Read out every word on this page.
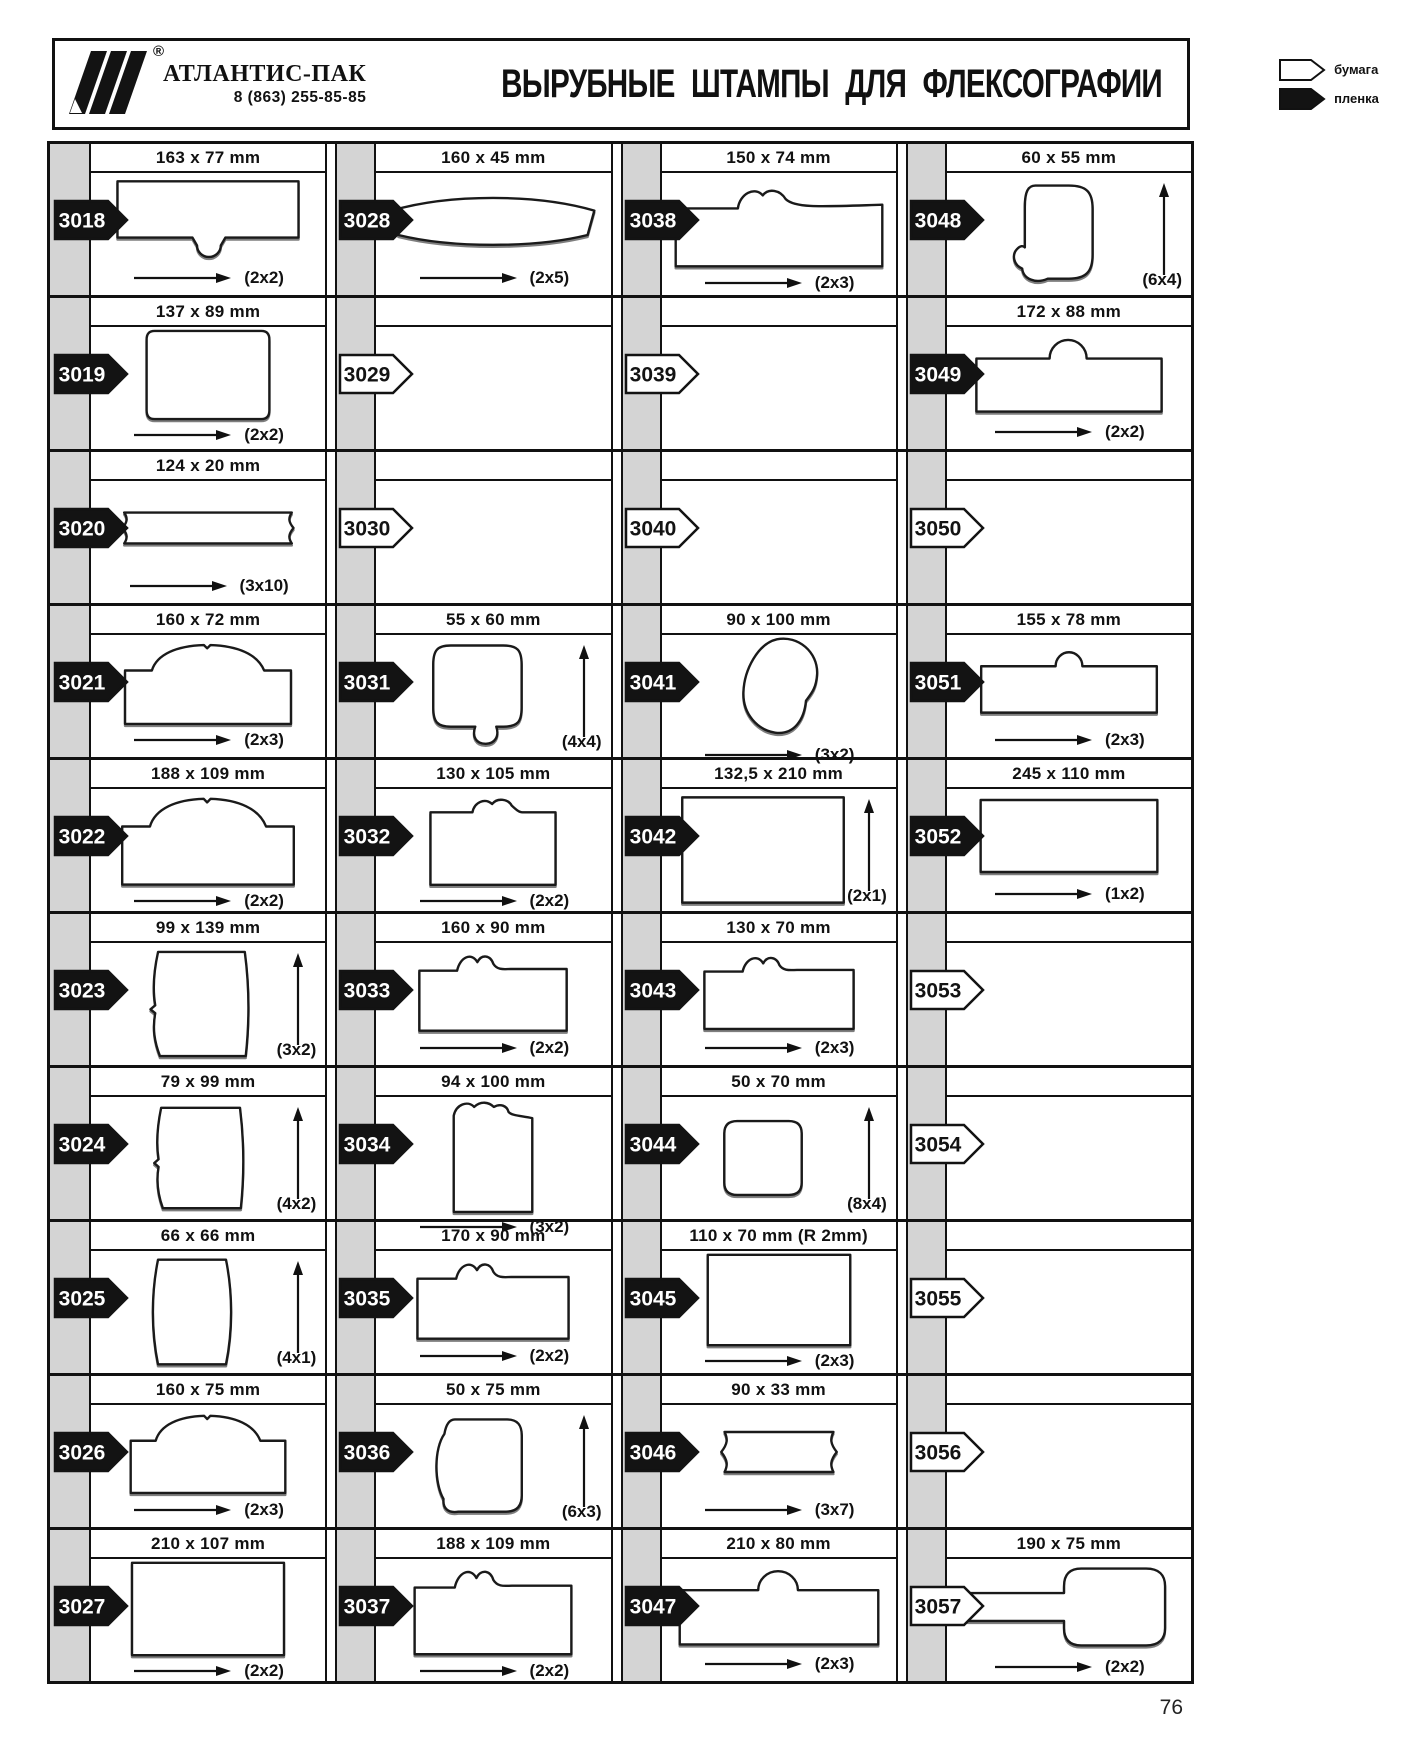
®
АТЛАНТИС-ПАК
8 (863) 255-85-85	ВЫРУБНЫЕ ШТАМПЫ ДЛЯ ФЛЕКСОГРАФИИ	бумага
пленка
3018
163 x 77 mm
(2x2)
3028
160 x 45 mm
(2x5)
3038
150 x 74 mm
(2x3)
3048
60 x 55 mm
(6x4)
3019
137 x 89 mm
(2x2)
3029	3039	3049
172 x 88 mm
(2x2)
3020
124 x 20 mm
(3x10)
3030	3040	3050
3021
160 x 72 mm
(2x3)
3031
55 x 60 mm
(4x4)
3041
90 x 100 mm
(3x2)
3051
155 x 78 mm
(2x3)
3022
188 x 109 mm
(2x2)
3032
130 x 105 mm
(2x2)
3042
132,5 x 210 mm
(2x1)
3052
245 x 110 mm
(1x2)
3023
99 x 139 mm
(3x2)
3033
160 x 90 mm
(2x2)
3043
130 x 70 mm
(2x3)
3053
3024
79 x 99 mm
(4x2)
3034
94 x 100 mm
(3x2)
3044
50 x 70 mm
(8x4)
3054
3025
66 x 66 mm
(4x1)
3035
170 x 90 mm
(2x2)
3045
110 x 70 mm (R 2mm)
(2x3)
3055
3026
160 x 75 mm
(2x3)
3036
50 x 75 mm
(6x3)
3046
90 x 33 mm
(3x7)
3056
3027
210 x 107 mm
(2x2)
3037
188 x 109 mm
(2x2)
3047
210 x 80 mm
(2x3)
3057
190 x 75 mm
(2x2)
76
